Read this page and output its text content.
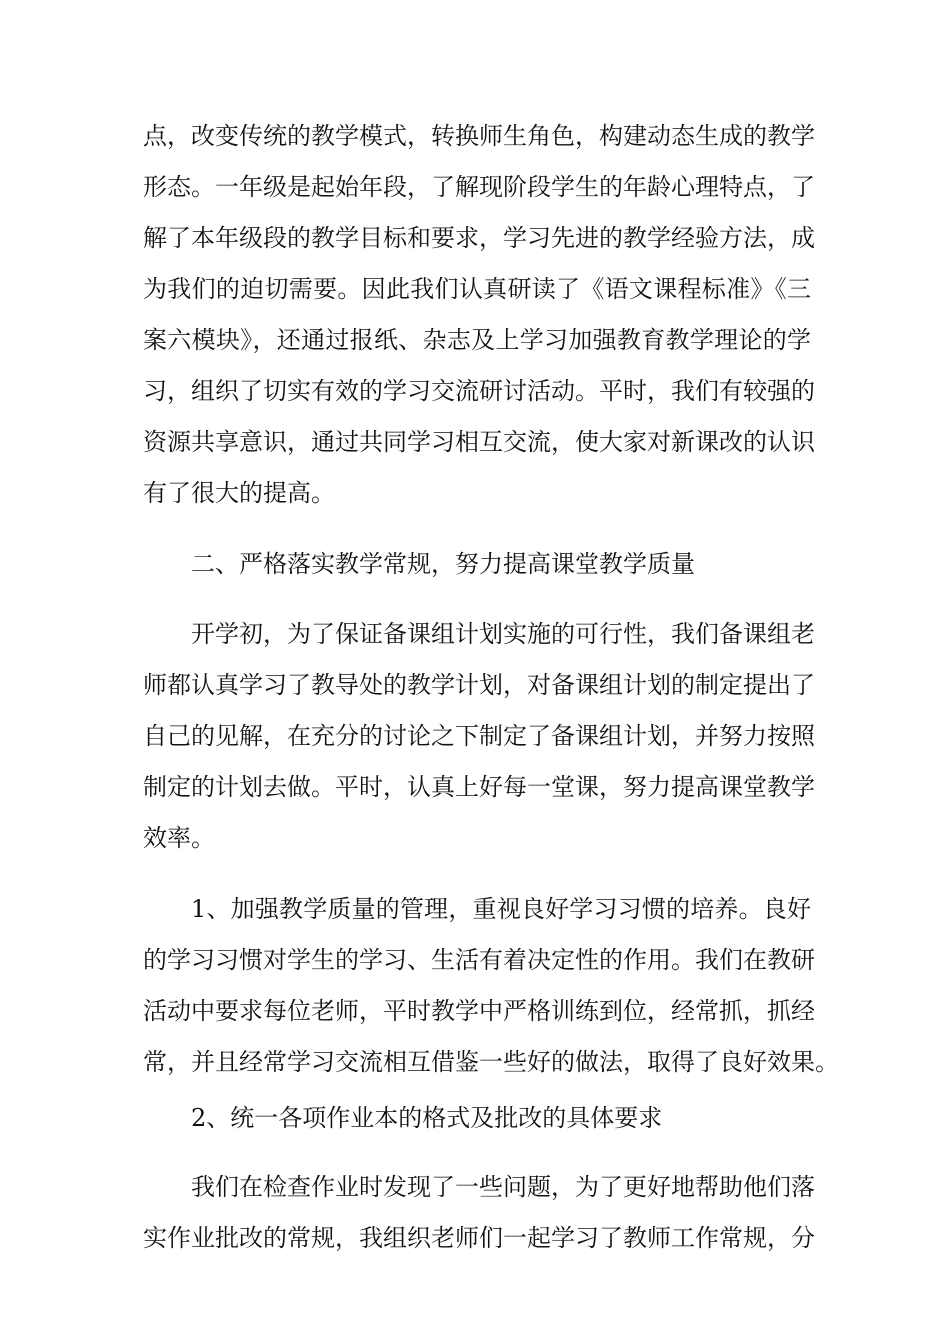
点，改变传统的教学模式，转换师生角色，构建动态生成的教学
形态。一年级是起始年段，了解现阶段学生的年龄心理特点，了
解了本年级段的教学目标和要求，学习先进的教学经验方法，成
为我们的迫切需要。因此我们认真研读了《语文课程标准》《三
案六模块》，还通过报纸、杂志及上学习加强教育教学理论的学
习，组织了切实有效的学习交流研讨活动。平时，我们有较强的
资源共享意识，通过共同学习相互交流，使大家对新课改的认识
有了很大的提高。
二、严格落实教学常规，努力提高课堂教学质量
开学初，为了保证备课组计划实施的可行性，我们备课组老
师都认真学习了教导处的教学计划，对备课组计划的制定提出了
自己的见解，在充分的讨论之下制定了备课组计划，并努力按照
制定的计划去做。平时，认真上好每一堂课，努力提高课堂教学
效率。
1、加强教学质量的管理，重视良好学习习惯的培养。良好
的学习习惯对学生的学习、生活有着决定性的作用。我们在教研
活动中要求每位老师，平时教学中严格训练到位，经常抓，抓经
常，并且经常学习交流相互借鉴一些好的做法，取得了良好效果。
2、统一各项作业本的格式及批改的具体要求
我们在检查作业时发现了一些问题，为了更好地帮助他们落
实作业批改的常规，我组织老师们一起学习了教师工作常规，分
